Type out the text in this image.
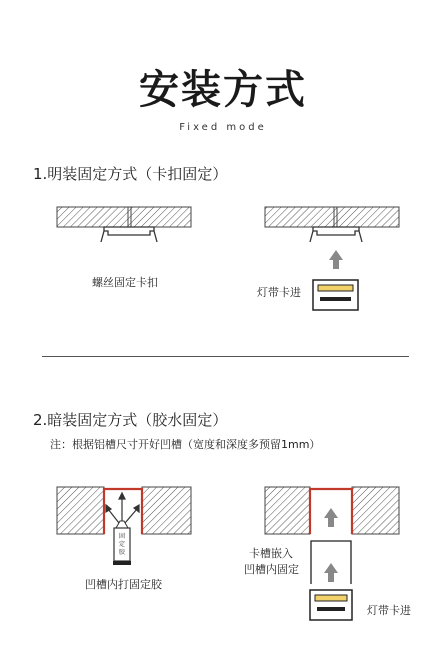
安装方式
Fixed mode
1.明装固定方式（卡扣固定）
螺丝固定卡扣
灯带卡进
2.暗装固定方式（胶水固定）
注：根据铝槽尺寸开好凹槽（宽度和深度多预留1mm）
凹槽内打固定胶
卡槽嵌入
凹槽内固定
灯带卡进
固
定
胶
